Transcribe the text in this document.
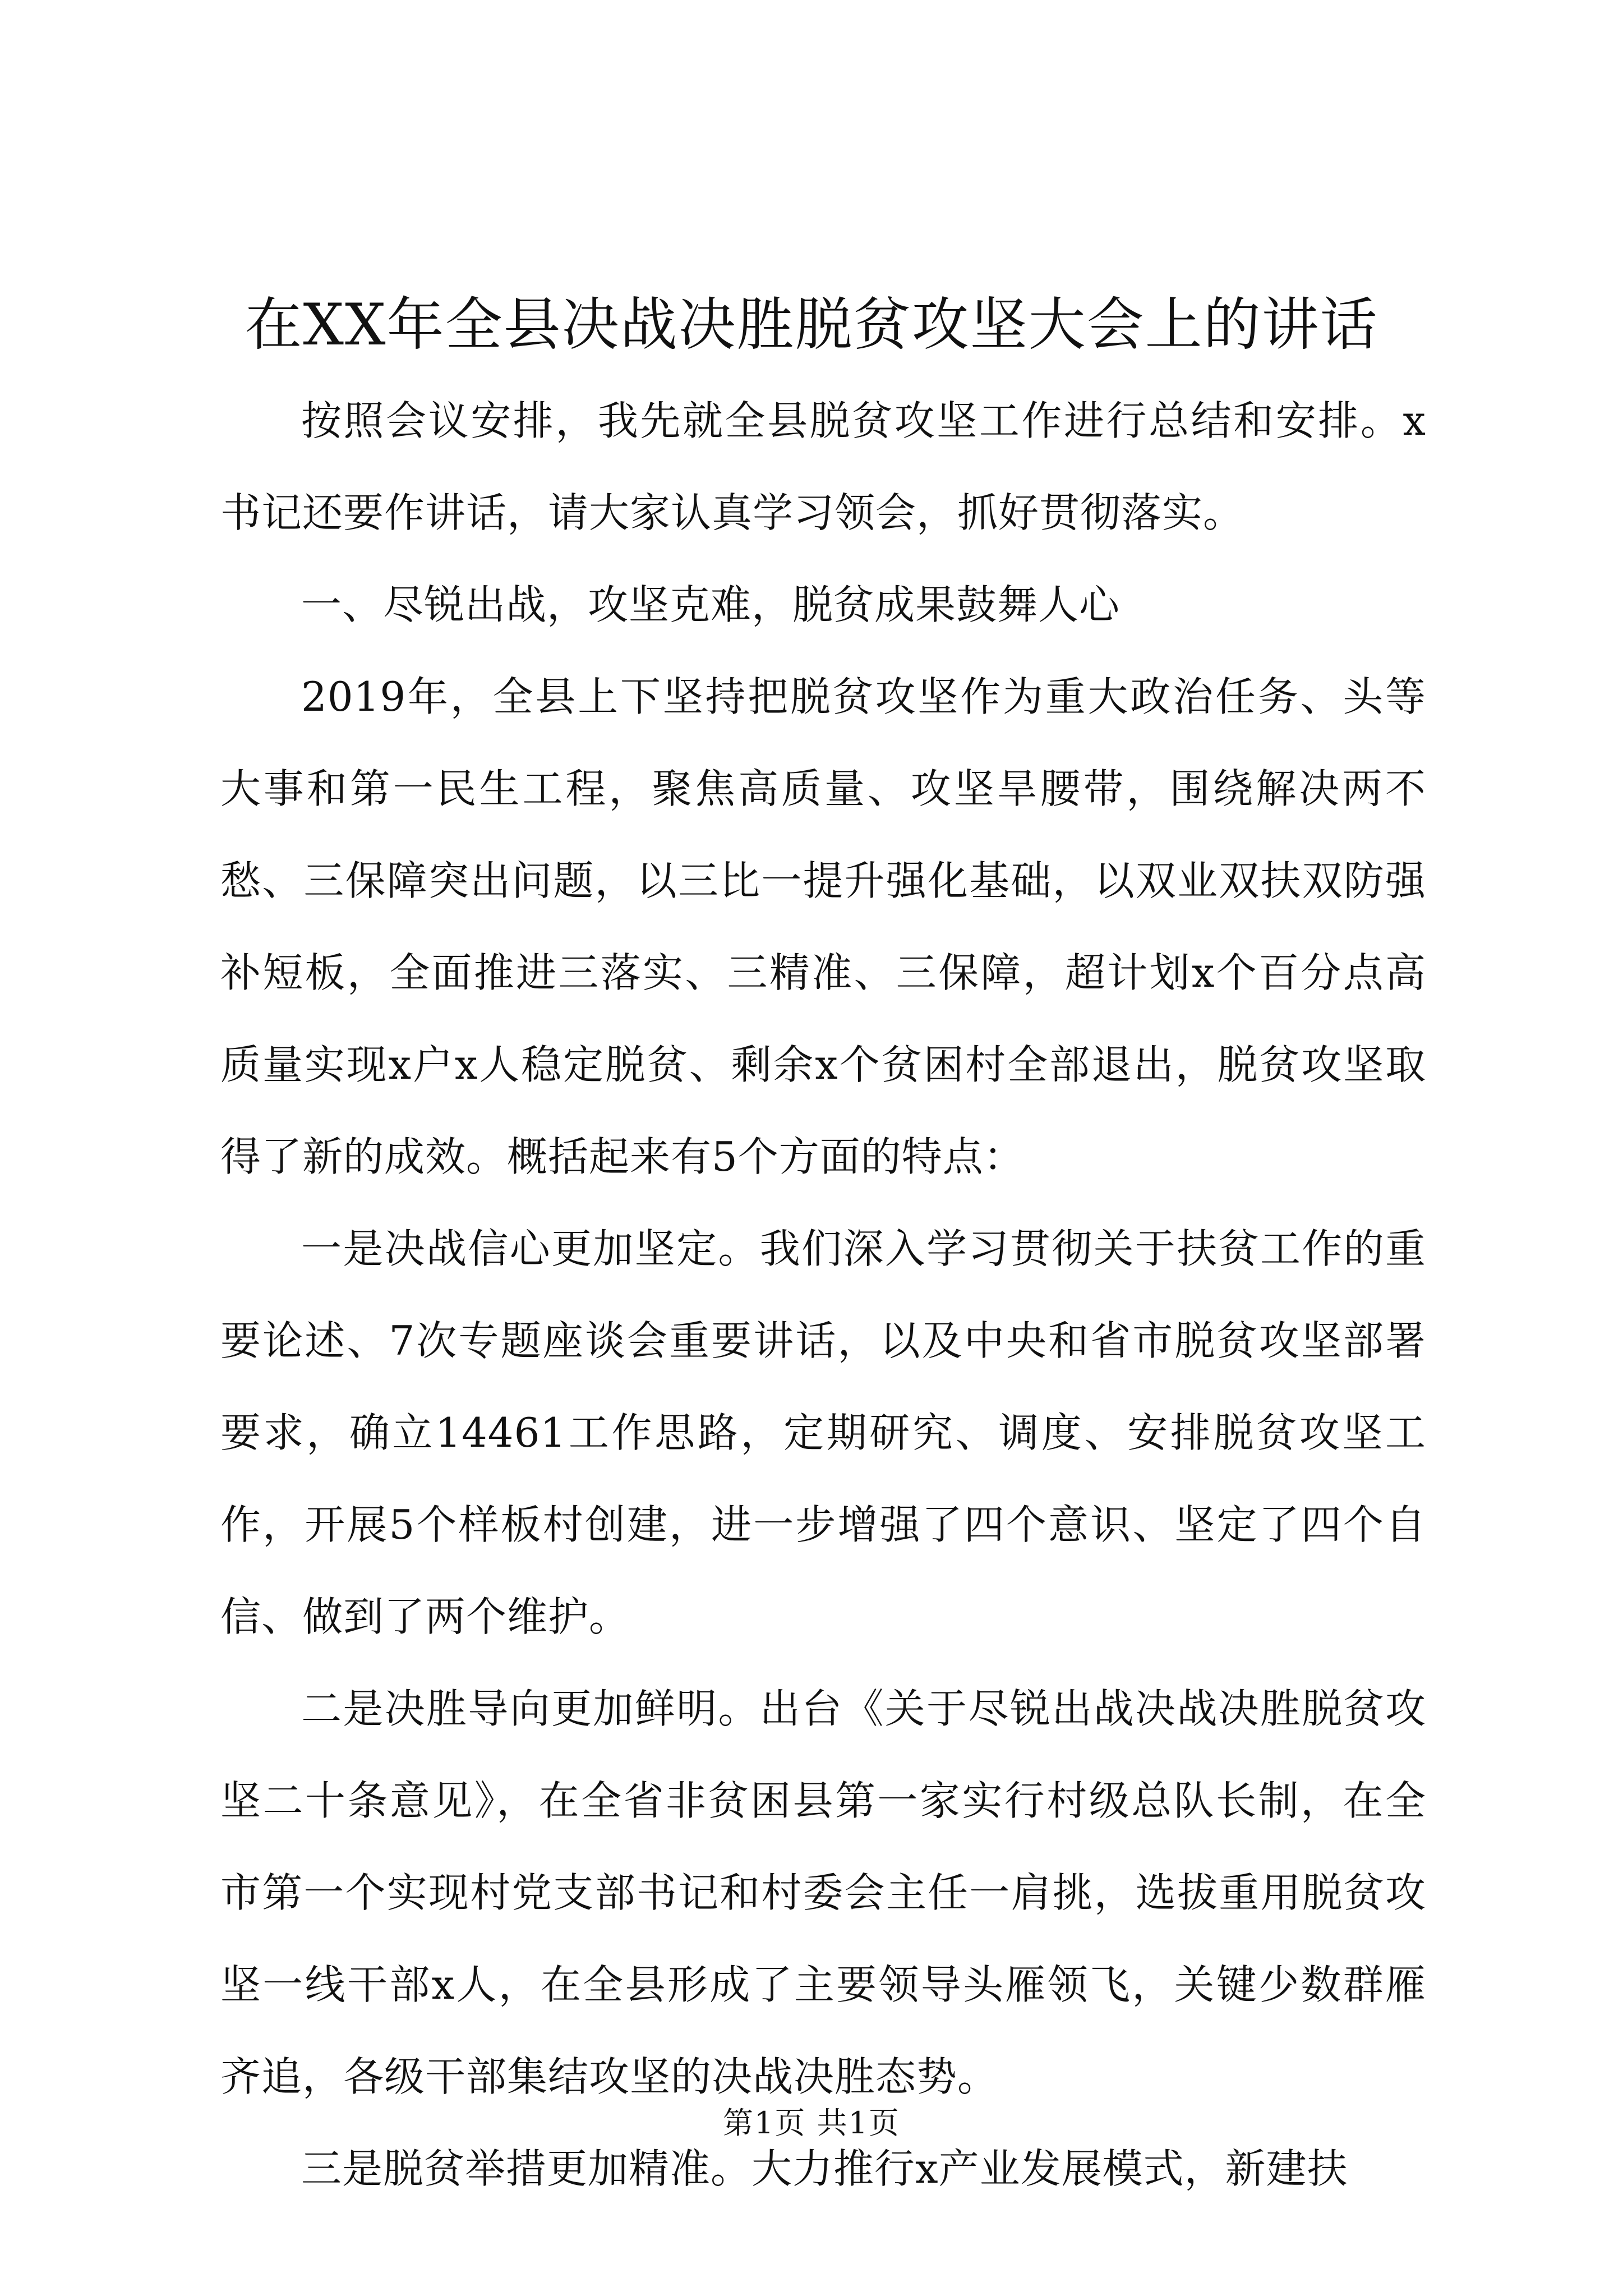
在XX年全县决战决胜脱贫攻坚大会上的讲话

按照会议安排，我先就全县脱贫攻坚工作进行总结和安排。x书记还要作讲话，请大家认真学习领会，抓好贯彻落实。

一、尽锐出战，攻坚克难，脱贫成果鼓舞人心

2019年，全县上下坚持把脱贫攻坚作为重大政治任务、头等大事和第一民生工程，聚焦高质量、攻坚旱腰带，围绕解决两不愁、三保障突出问题，以三比一提升强化基础，以双业双扶双防强补短板，全面推进三落实、三精准、三保障，超计划x个百分点高质量实现x户x人稳定脱贫、剩余x个贫困村全部退出，脱贫攻坚取得了新的成效。概括起来有5个方面的特点：

一是决战信心更加坚定。我们深入学习贯彻关于扶贫工作的重要论述、7次专题座谈会重要讲话，以及中央和省市脱贫攻坚部署要求，确立14461工作思路，定期研究、调度、安排脱贫攻坚工作，开展5个样板村创建，进一步增强了四个意识、坚定了四个自信、做到了两个维护。

二是决胜导向更加鲜明。出台《关于尽锐出战决战决胜脱贫攻坚二十条意见》，在全省非贫困县第一家实行村级总队长制，在全市第一个实现村党支部书记和村委会主任一肩挑，选拔重用脱贫攻坚一线干部x人，在全县形成了主要领导头雁领飞，关键少数群雁齐追，各级干部集结攻坚的决战决胜态势。

三是脱贫举措更加精准。大力推行x产业发展模式，新建扶

第1页 共1页
